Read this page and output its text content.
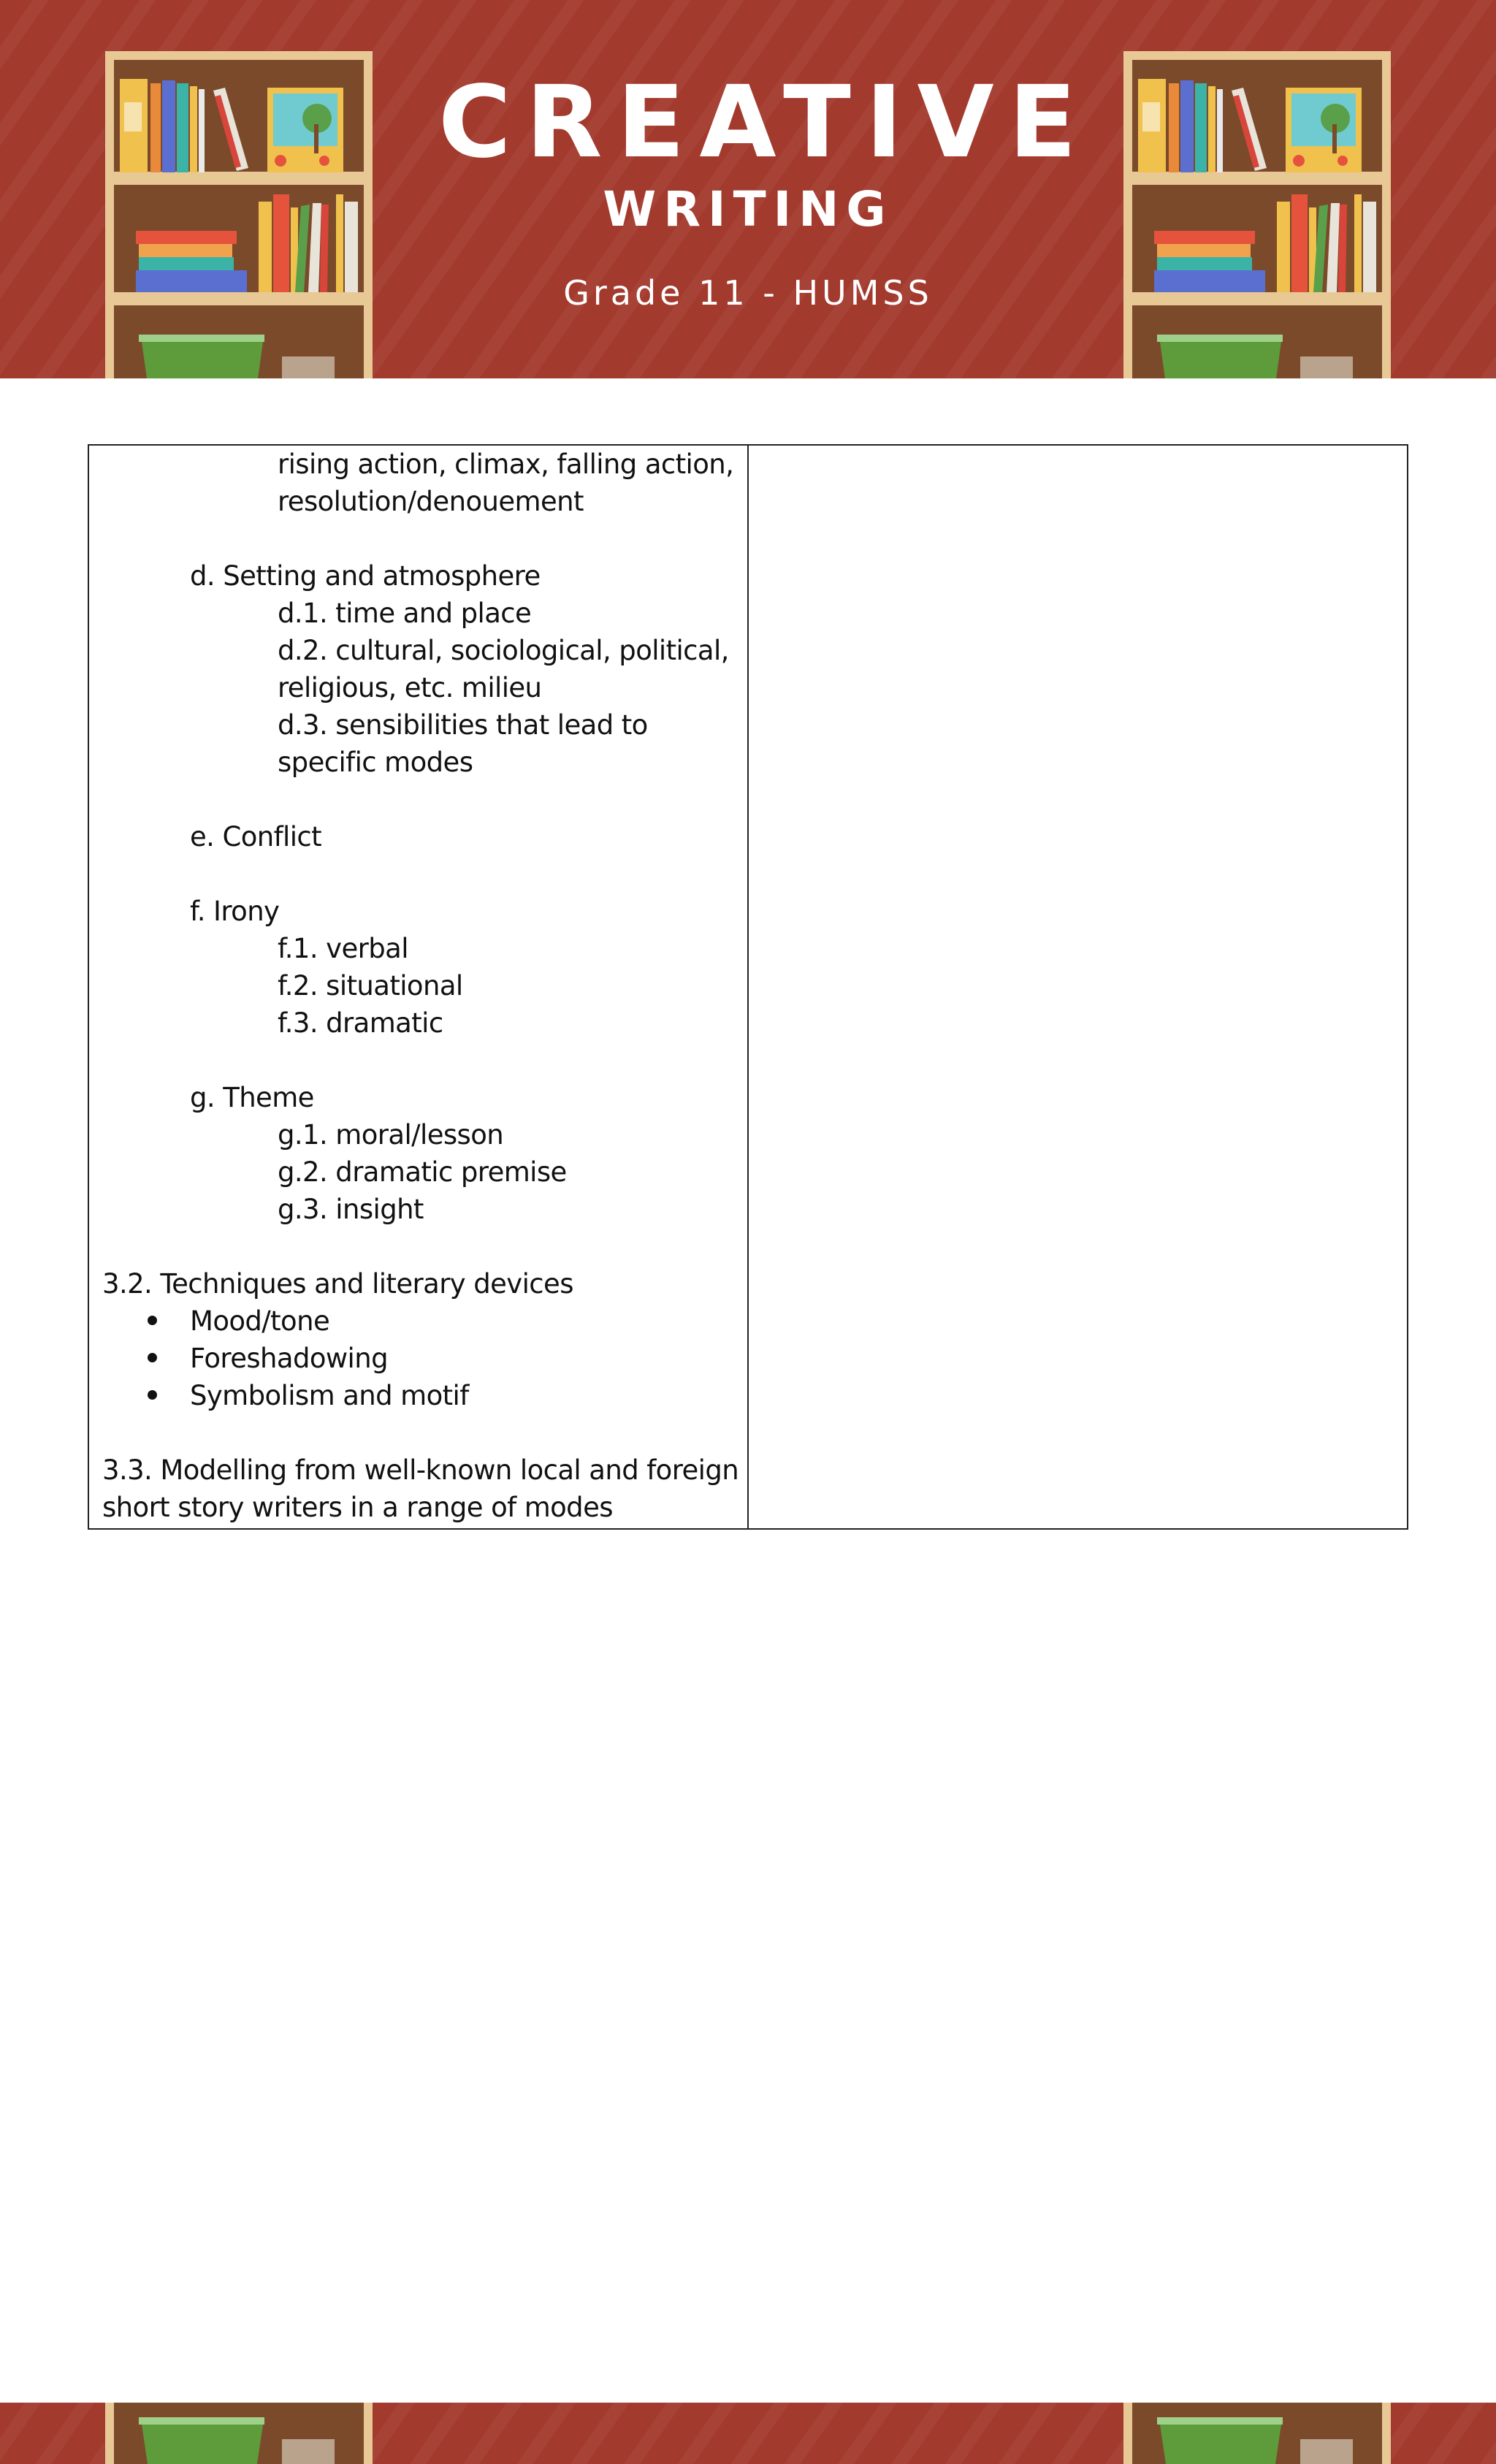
CREATIVE
WRITING
Grade 11 - HUMSS
rising action, climax, falling action,
resolution/denouement
d. Setting and atmosphere
d.1. time and place
d.2. cultural, sociological, political,
religious, etc. milieu
d.3. sensibilities that lead to
specific modes
e. Conflict
f. Irony
f.1. verbal
f.2. situational
f.3. dramatic
g. Theme
g.1. moral/lesson
g.2. dramatic premise
g.3. insight
3.2. Techniques and literary devices
Mood/tone
Foreshadowing
Symbolism and motif
3.3. Modelling from well-known local and foreign
short story writers in a range of modes
